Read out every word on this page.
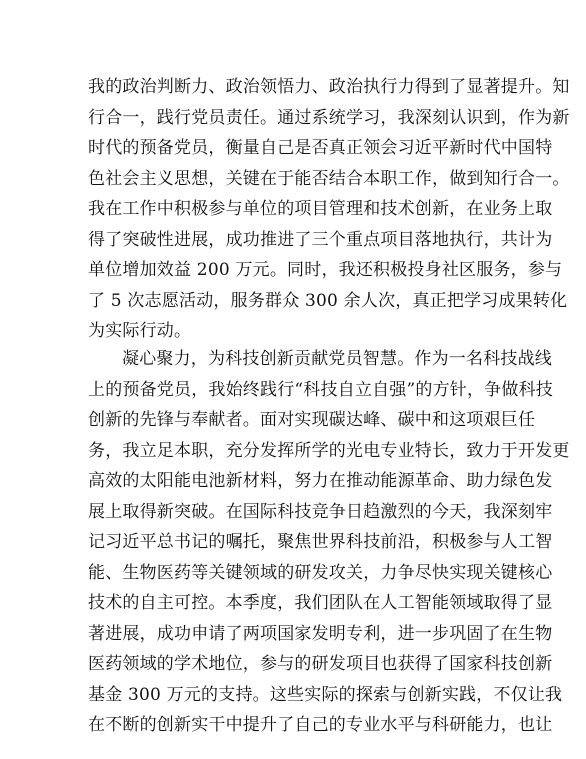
我的政治判断力、政治领悟力、政治执行力得到了显著提升。知
行合一，践行党员责任。通过系统学习，我深刻认识到，作为新
时代的预备党员，衡量自己是否真正领会习近平新时代中国特
色社会主义思想，关键在于能否结合本职工作，做到知行合一。
我在工作中积极参与单位的项目管理和技术创新，在业务上取
得了突破性进展，成功推进了三个重点项目落地执行，共计为
单位增加效益 200 万元。同时，我还积极投身社区服务，参与
了 5 次志愿活动，服务群众 300 余人次，真正把学习成果转化
为实际行动。
凝心聚力，为科技创新贡献党员智慧。作为一名科技战线
上的预备党员，我始终践行“科技自立自强”的方针，争做科技
创新的先锋与奉献者。面对实现碳达峰、碳中和这项艰巨任
务，我立足本职，充分发挥所学的光电专业特长，致力于开发更
高效的太阳能电池新材料，努力在推动能源革命、助力绿色发
展上取得新突破。在国际科技竞争日趋激烈的今天，我深刻牢
记习近平总书记的嘱托，聚焦世界科技前沿，积极参与人工智
能、生物医药等关键领域的研发攻关，力争尽快实现关键核心
技术的自主可控。本季度，我们团队在人工智能领域取得了显
著进展，成功申请了两项国家发明专利，进一步巩固了在生物
医药领域的学术地位，参与的研发项目也获得了国家科技创新
基金 300 万元的支持。这些实际的探索与创新实践，不仅让我
在不断的创新实干中提升了自己的专业水平与科研能力，也让
